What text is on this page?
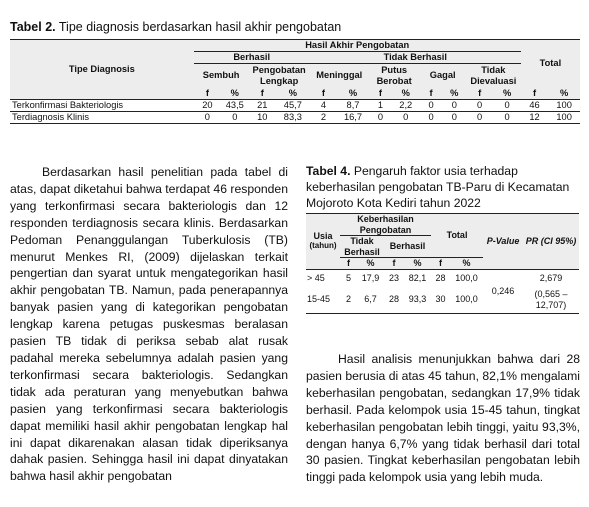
Tabel 2. Tipe diagnosis berdasarkan hasil akhir pengobatan
Tipe Diagnosis	Hasil Akhir Pengobatan												Total	
	Berhasil				Tidak Berhasil									
	Sembuh		Pengobatan Lengkap		Meninggal		Putus Berobat		Gagal		Tidak Dievaluasi			
	f	%	f	%	f	%	f	%	f	%	f	%	f	%
Terkonfirmasi Bakteriologis	20	43,5	21	45,7	4	8,7	1	2,2	0	0	0	0	46	100
Terdiagnosis Klinis	0	0	10	83,3	2	16,7	0	0	0	0	0	0	12	100

Berdasarkan hasil penelitian pada tabel di atas, dapat diketahui bahwa terdapat 46 responden yang terkonfirmasi secara bakteriologis dan 12 responden terdiagnosis secara klinis. Berdasarkan Pedoman Penanggulangan Tuberkulosis (TB) menurut Menkes RI, (2009) dijelaskan terkait pengertian dan syarat untuk mengategorikan hasil akhir pengobatan TB. Namun, pada penerapannya banyak pasien yang di kategorikan pengobatan lengkap karena petugas puskesmas beralasan pasien TB tidak di periksa sebab alat rusak padahal mereka sebelumnya adalah pasien yang terkonfirmasi secara bakteriologis. Sedangkan tidak ada peraturan yang menyebutkan bahwa pasien yang terkonfirmasi secara bakteriologis dapat memiliki hasil akhir pengobatan lengkap hal ini dapat dikarenakan alasan tidak diperiksanya dahak pasien. Sehingga hasil ini dapat dinyatakan bahwa hasil akhir pengobatan

Tabel 4. Pengaruh faktor usia terhadap keberhasilan pengobatan TB-Paru di Kecamatan Mojoroto Kota Kediri tahun 2022
Usia
(tahun)	Keberhasilan Pengobatan				Total		P-Value	PR (CI 95%)
	Tidak Berhasil		Berhasil					
	f	%	f	%	f	%		
> 45	5	17,9	23	82,1	28	100,0	0,246	2,679
15-45	2	6,7	28	93,3	30	100,0		(0,565 – 12,707)

Hasil analisis menunjukkan bahwa dari 28 pasien berusia di atas 45 tahun, 82,1% mengalami keberhasilan pengobatan, sedangkan 17,9% tidak berhasil. Pada kelompok usia 15-45 tahun, tingkat keberhasilan pengobatan lebih tinggi, yaitu 93,3%, dengan hanya 6,7% yang tidak berhasil dari total 30 pasien. Tingkat keberhasilan pengobatan lebih tinggi pada kelompok usia yang lebih muda.
